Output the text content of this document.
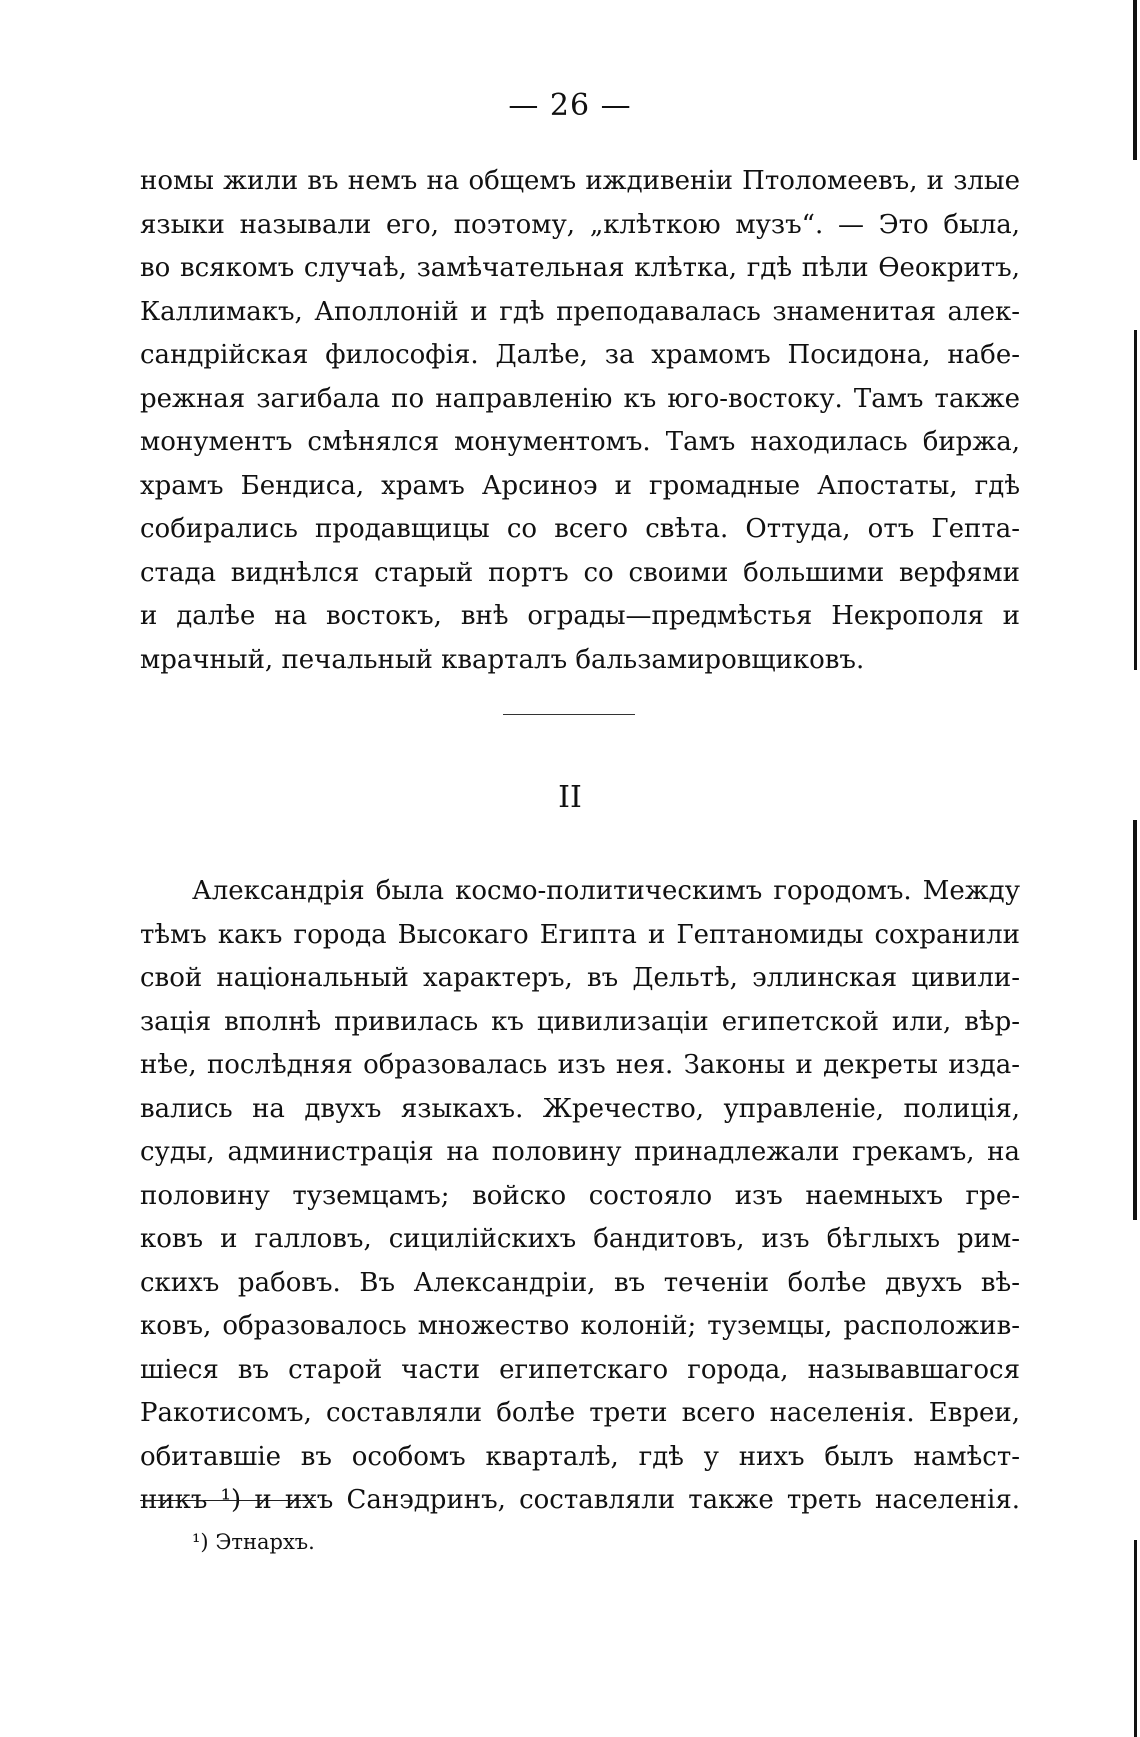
— 26 —
номы жили въ немъ на общемъ иждивенiи Птоломеевъ, и злые
языки называли его, поэтому, „клѣткою музъ“. — Это была,
во всякомъ случаѣ, замѣчательная клѣтка, гдѣ пѣли Өеокритъ,
Каллимакъ, Аполлонiй и гдѣ преподавалась знаменитая алек-
сандрiйская философiя. Далѣе, за храмомъ Посидона, набе-
режная загибала по направленiю къ юго-востоку. Тамъ также
монументъ смѣнялся монументомъ. Тамъ находилась биржа,
храмъ Бендиса, храмъ Арсиноэ и громадные Апостаты, гдѣ
собирались продавщицы со всего свѣта. Оттуда, отъ Гепта-
стада виднѣлся старый портъ со своими большими верфями
и далѣе на востокъ, внѣ ограды—предмѣстья Некрополя и
мрачный, печальный кварталъ бальзамировщиковъ.
II
Александрiя была космо-политическимъ городомъ. Между
тѣмъ какъ города Высокаго Египта и Гептаномиды сохранили
свой нацiональный характеръ, въ Дельтѣ, эллинская цивили-
зацiя вполнѣ привилась къ цивилизацiи египетской или, вѣр-
нѣе, послѣдняя образовалась изъ нея. Законы и декреты изда-
вались на двухъ языкахъ. Жречество, управленiе, полицiя,
суды, администрацiя на половину принадлежали грекамъ, на
половину туземцамъ; войско состояло изъ наемныхъ гре-
ковъ и галловъ, сицилiйскихъ бандитовъ, изъ бѣглыхъ рим-
скихъ рабовъ. Въ Александрiи, въ теченiи болѣе двухъ вѣ-
ковъ, образовалось множество колонiй; туземцы, расположив-
шiеся въ старой части египетскаго города, называвшагося
Ракотисомъ, составляли болѣе трети всего населенiя. Евреи,
обитавшiе въ особомъ кварталѣ, гдѣ у нихъ былъ намѣст-
никъ ¹) и ихъ Санэдринъ, составляли также треть населенiя.
¹) Этнархъ.
